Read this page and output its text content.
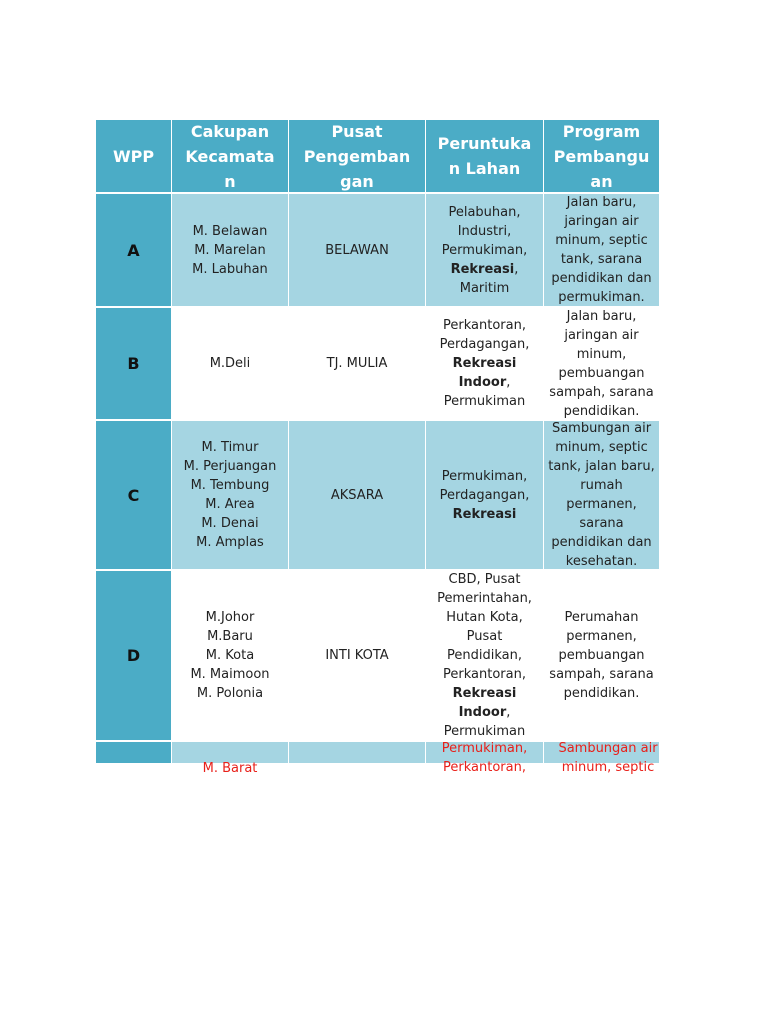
WPP
Cakupan
Kecamata
n
Pusat
Pengemban
gan
Peruntuka
n Lahan
Program
Pembangu
an
A
M. Belawan
M. Marelan
M. Labuhan
BELAWAN
Pelabuhan,
Industri,
Permukiman,
Rekreasi,
Maritim
Jalan baru,
jaringan air
minum, septic
tank, sarana
pendidikan dan
permukiman.
B	M.Deli	TJ. MULIA
Perkantoran,
Perdagangan,
Rekreasi
Indoor,
Permukiman
Jalan baru,
jaringan air
minum,
pembuangan
sampah, sarana
pendidikan.
C
M. Timur
M. Perjuangan
M. Tembung
M. Area
M. Denai
M. Amplas
AKSARA
Permukiman,
Perdagangan,
Rekreasi
Sambungan air
minum, septic
tank, jalan baru,
rumah
permanen,
sarana
pendidikan dan
kesehatan.
D
M.Johor
M.Baru
M. Kota
M. Maimoon
M. Polonia
INTI KOTA
CBD, Pusat
Pemerintahan,
Hutan Kota,
Pusat
Pendidikan,
Perkantoran,
Rekreasi
Indoor,
Permukiman
Perumahan
permanen,
pembuangan
sampah, sarana
pendidikan.
M. Barat
Permukiman,
Perkantoran,
Sambungan air
minum, septic
